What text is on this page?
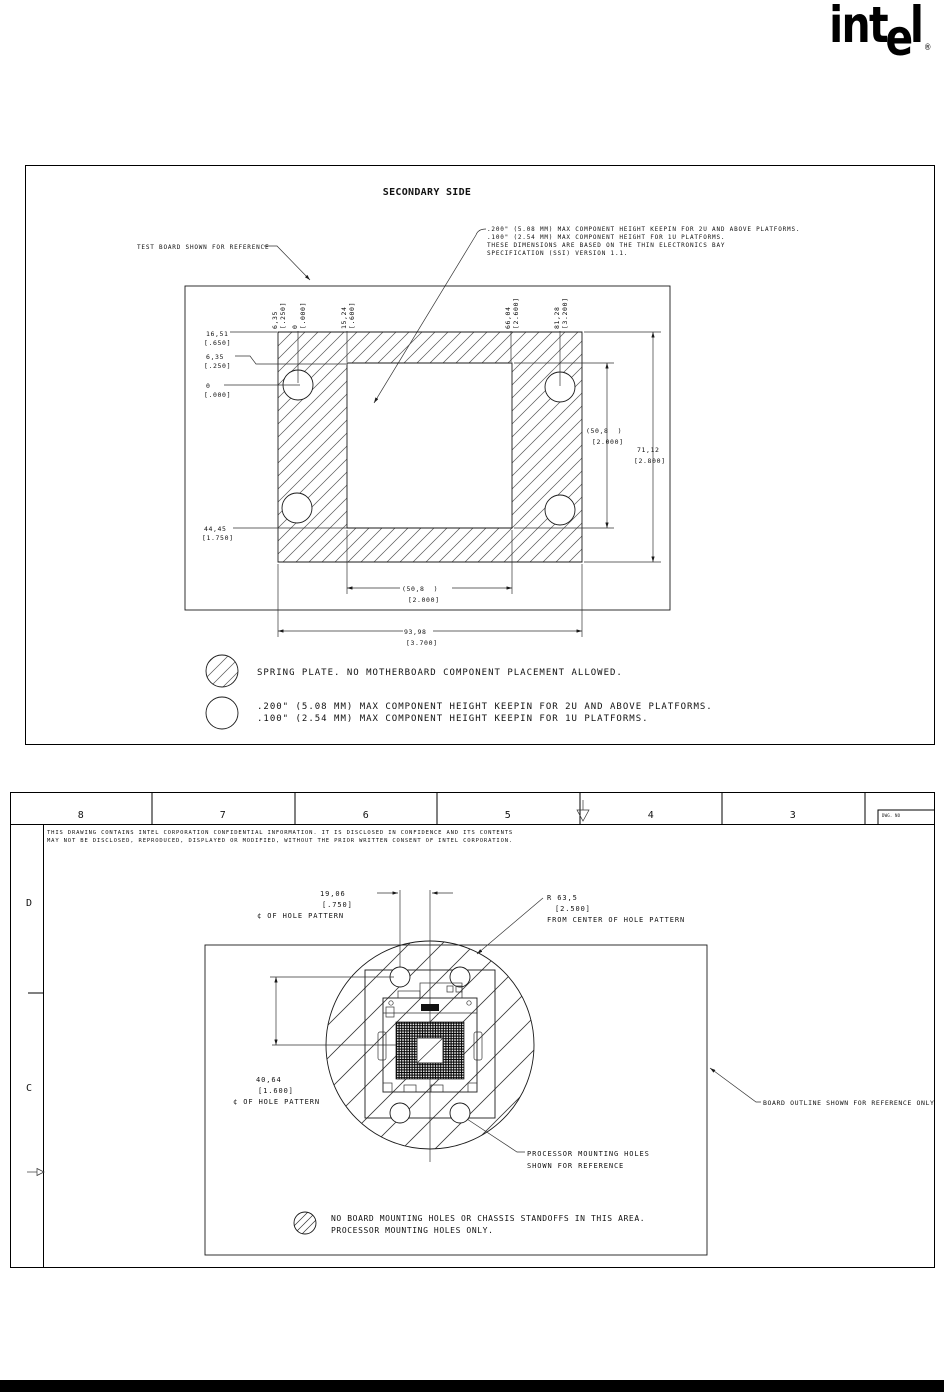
intel ®
SECONDARY SIDE
.200" (5.08 MM) MAX COMPONENT HEIGHT KEEPIN FOR 2U AND ABOVE PLATFORMS.
.100" (2.54 MM) MAX COMPONENT HEIGHT FOR 1U PLATFORMS.
THESE DIMENSIONS ARE BASED ON THE THIN ELECTRONICS BAY
SPECIFICATION (SSI) VERSION 1.1.
TEST BOARD SHOWN FOR REFERENCE
6,35 [.250] 0 [.000]	15,24 [.600]	66,04 [2.600]	81,28 [3.200]
16,51
[.650]
6,35
[.250]
0
[.000]
44,45
[1.750]
(50,8  )
[2.000]
71,12
[2.800]
(50,8  )
[2.000]
93,98
[3.700]
SPRING PLATE. NO MOTHERBOARD COMPONENT PLACEMENT ALLOWED.
.200" (5.08 MM) MAX COMPONENT HEIGHT KEEPIN FOR 2U AND ABOVE PLATFORMS.
.100" (2.54 MM) MAX COMPONENT HEIGHT KEEPIN FOR 1U PLATFORMS.
8	7	6	5	4	3	DWG. NO
D
C
THIS DRAWING CONTAINS INTEL CORPORATION CONFIDENTIAL INFORMATION. IT IS DISCLOSED IN CONFIDENCE AND ITS CONTENTS
MAY NOT BE DISCLOSED, REPRODUCED, DISPLAYED OR MODIFIED, WITHOUT THE PRIOR WRITTEN CONSENT OF INTEL CORPORATION.
19,06
[.750]
¢ OF HOLE PATTERN
40,64
[1.600]
¢ OF HOLE PATTERN
R 63,5
[2.500]
FROM CENTER OF HOLE PATTERN
PROCESSOR MOUNTING HOLES
SHOWN FOR REFERENCE
BOARD OUTLINE SHOWN FOR REFERENCE ONLY
NO BOARD MOUNTING HOLES OR CHASSIS STANDOFFS IN THIS AREA.
PROCESSOR MOUNTING HOLES ONLY.
